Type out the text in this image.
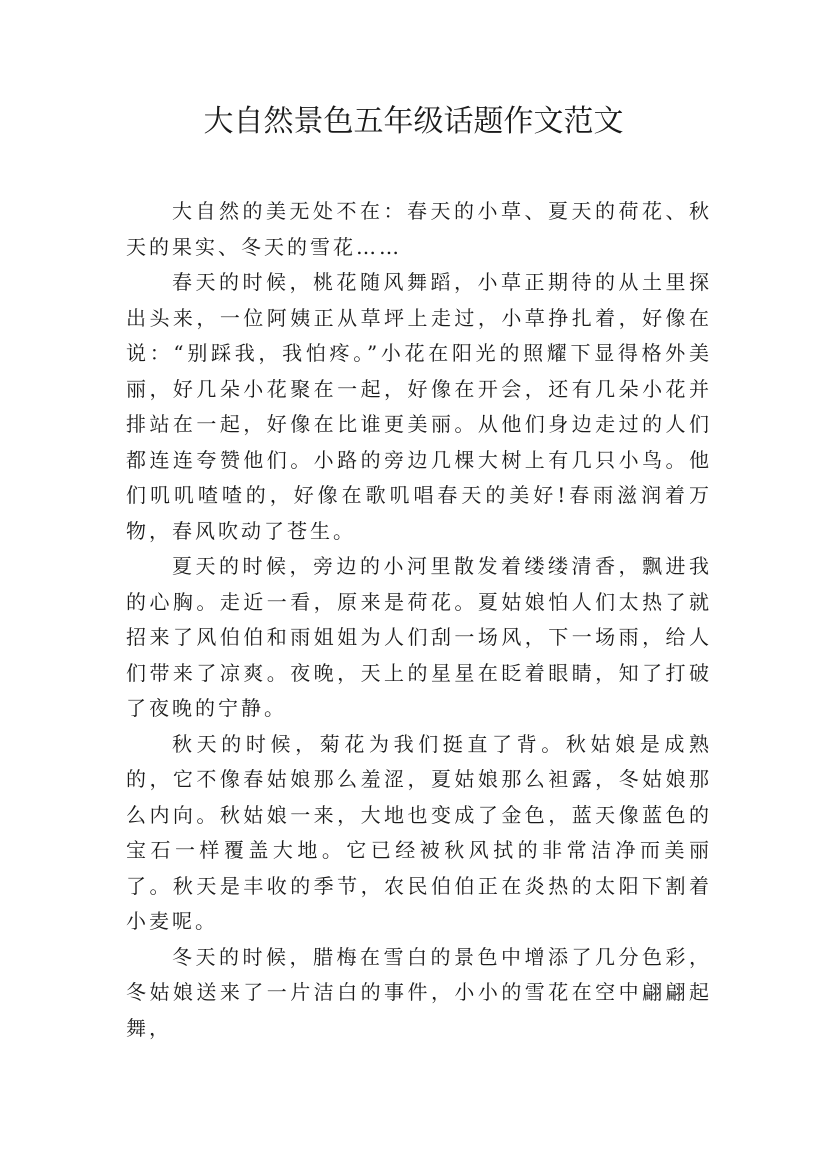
大自然景色五年级话题作文范文

大自然的美无处不在：春天的小草、夏天的荷花、秋天的果实、冬天的雪花……

春天的时候，桃花随风舞蹈，小草正期待的从土里探出头来，一位阿姨正从草坪上走过，小草挣扎着，好像在说：“别踩我，我怕疼。”小花在阳光的照耀下显得格外美丽，好几朵小花聚在一起，好像在开会，还有几朵小花并排站在一起，好像在比谁更美丽。从他们身边走过的人们都连连夸赞他们。小路的旁边几棵大树上有几只小鸟。他们叽叽喳喳的，好像在歌叽唱春天的美好!春雨滋润着万物，春风吹动了苍生。

夏天的时候，旁边的小河里散发着缕缕清香，飘进我的心胸。走近一看，原来是荷花。夏姑娘怕人们太热了就招来了风伯伯和雨姐姐为人们刮一场风，下一场雨，给人们带来了凉爽。夜晚，天上的星星在眨着眼睛，知了打破了夜晚的宁静。

秋天的时候，菊花为我们挺直了背。秋姑娘是成熟的，它不像春姑娘那么羞涩，夏姑娘那么袒露，冬姑娘那么内向。秋姑娘一来，大地也变成了金色，蓝天像蓝色的宝石一样覆盖大地。它已经被秋风拭的非常洁净而美丽了。秋天是丰收的季节，农民伯伯正在炎热的太阳下割着小麦呢。

冬天的时候，腊梅在雪白的景色中增添了几分色彩，冬姑娘送来了一片洁白的事件，小小的雪花在空中翩翩起舞，
